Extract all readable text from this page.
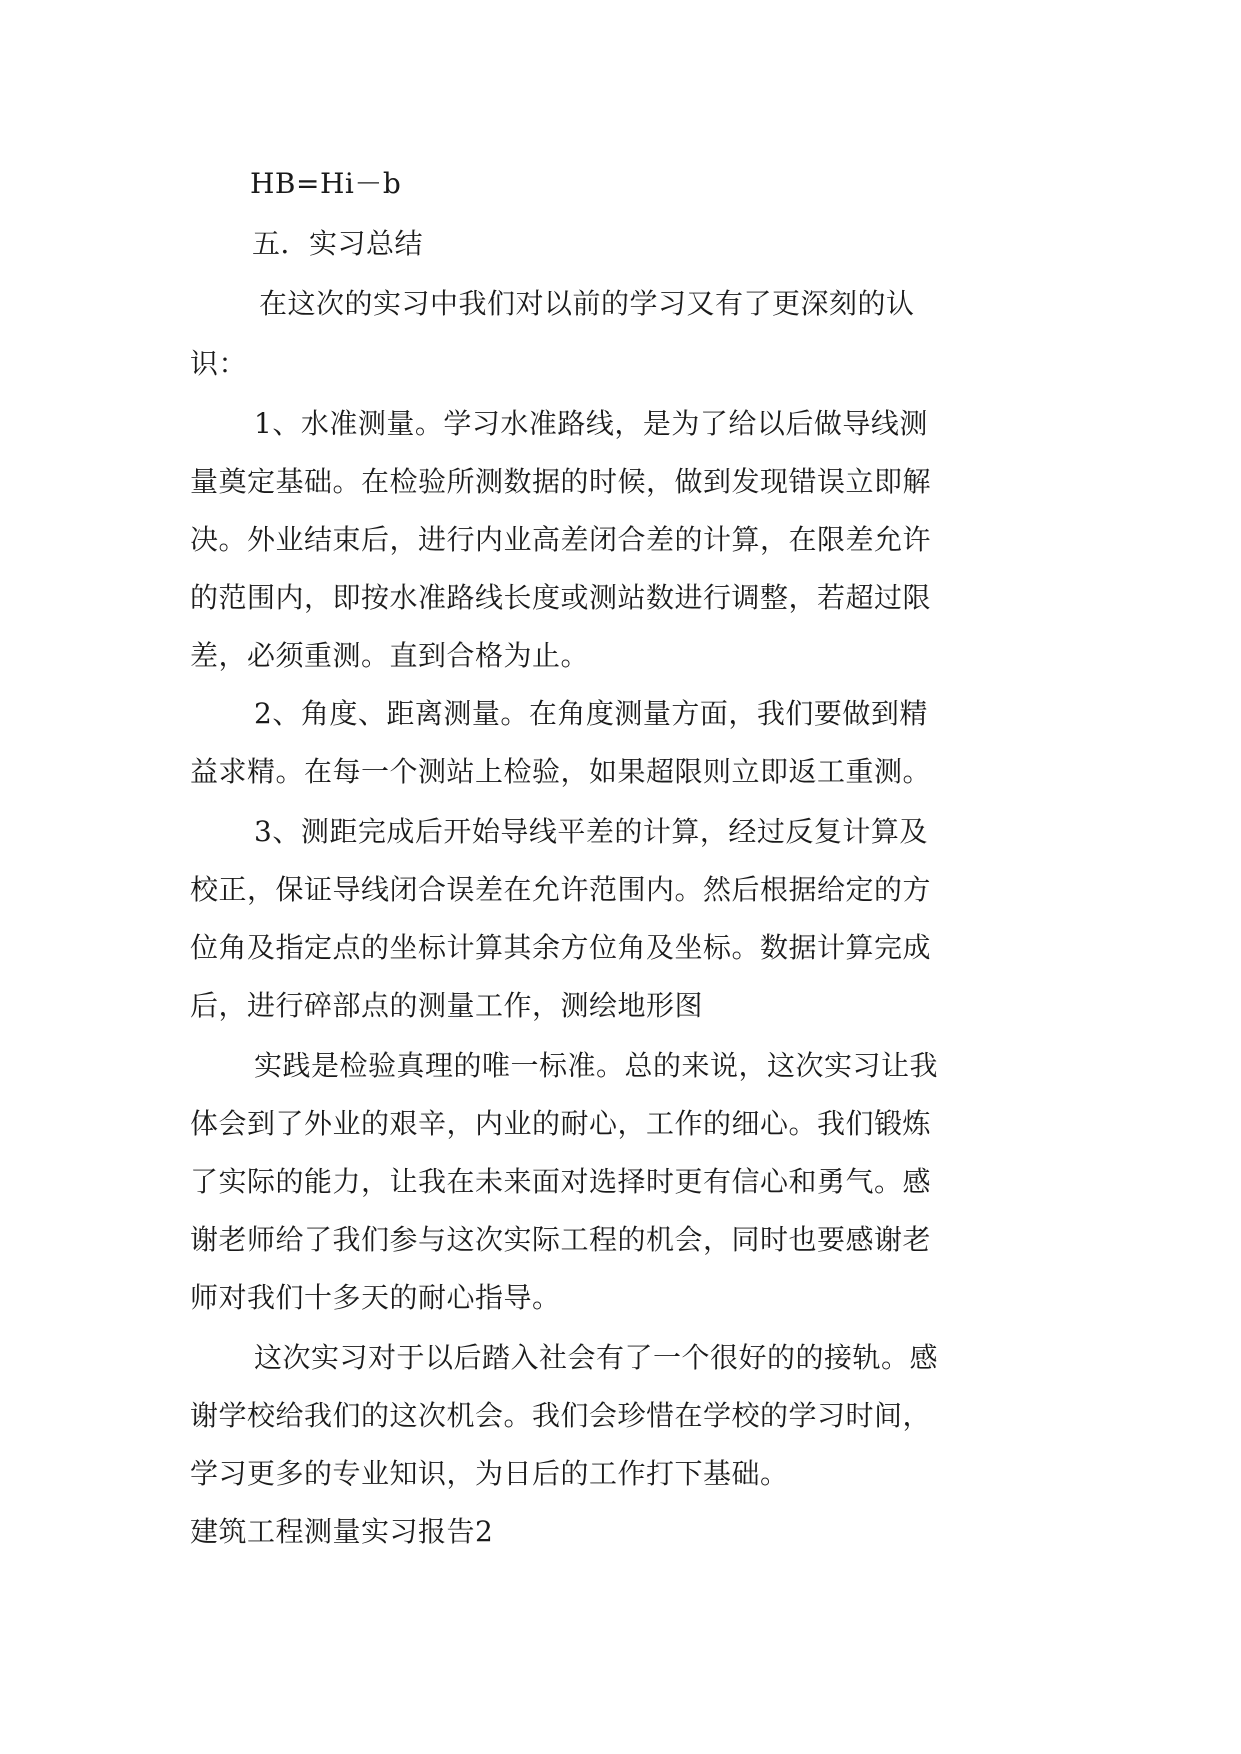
HB=Hi－b
五．实习总结
在这次的实习中我们对以前的学习又有了更深刻的认
识：
1、水准测量。学习水准路线，是为了给以后做导线测
量奠定基础。在检验所测数据的时候，做到发现错误立即解
决。外业结束后，进行内业高差闭合差的计算，在限差允许
的范围内，即按水准路线长度或测站数进行调整，若超过限
差，必须重测。直到合格为止。
2、角度、距离测量。在角度测量方面，我们要做到精
益求精。在每一个测站上检验，如果超限则立即返工重测。
3、测距完成后开始导线平差的计算，经过反复计算及
校正，保证导线闭合误差在允许范围内。然后根据给定的方
位角及指定点的坐标计算其余方位角及坐标。数据计算完成
后，进行碎部点的测量工作，测绘地形图
实践是检验真理的唯一标准。总的来说，这次实习让我
体会到了外业的艰辛，内业的耐心，工作的细心。我们锻炼
了实际的能力，让我在未来面对选择时更有信心和勇气。感
谢老师给了我们参与这次实际工程的机会，同时也要感谢老
师对我们十多天的耐心指导。
这次实习对于以后踏入社会有了一个很好的的接轨。感
谢学校给我们的这次机会。我们会珍惜在学校的学习时间，
学习更多的专业知识，为日后的工作打下基础。
建筑工程测量实习报告2
